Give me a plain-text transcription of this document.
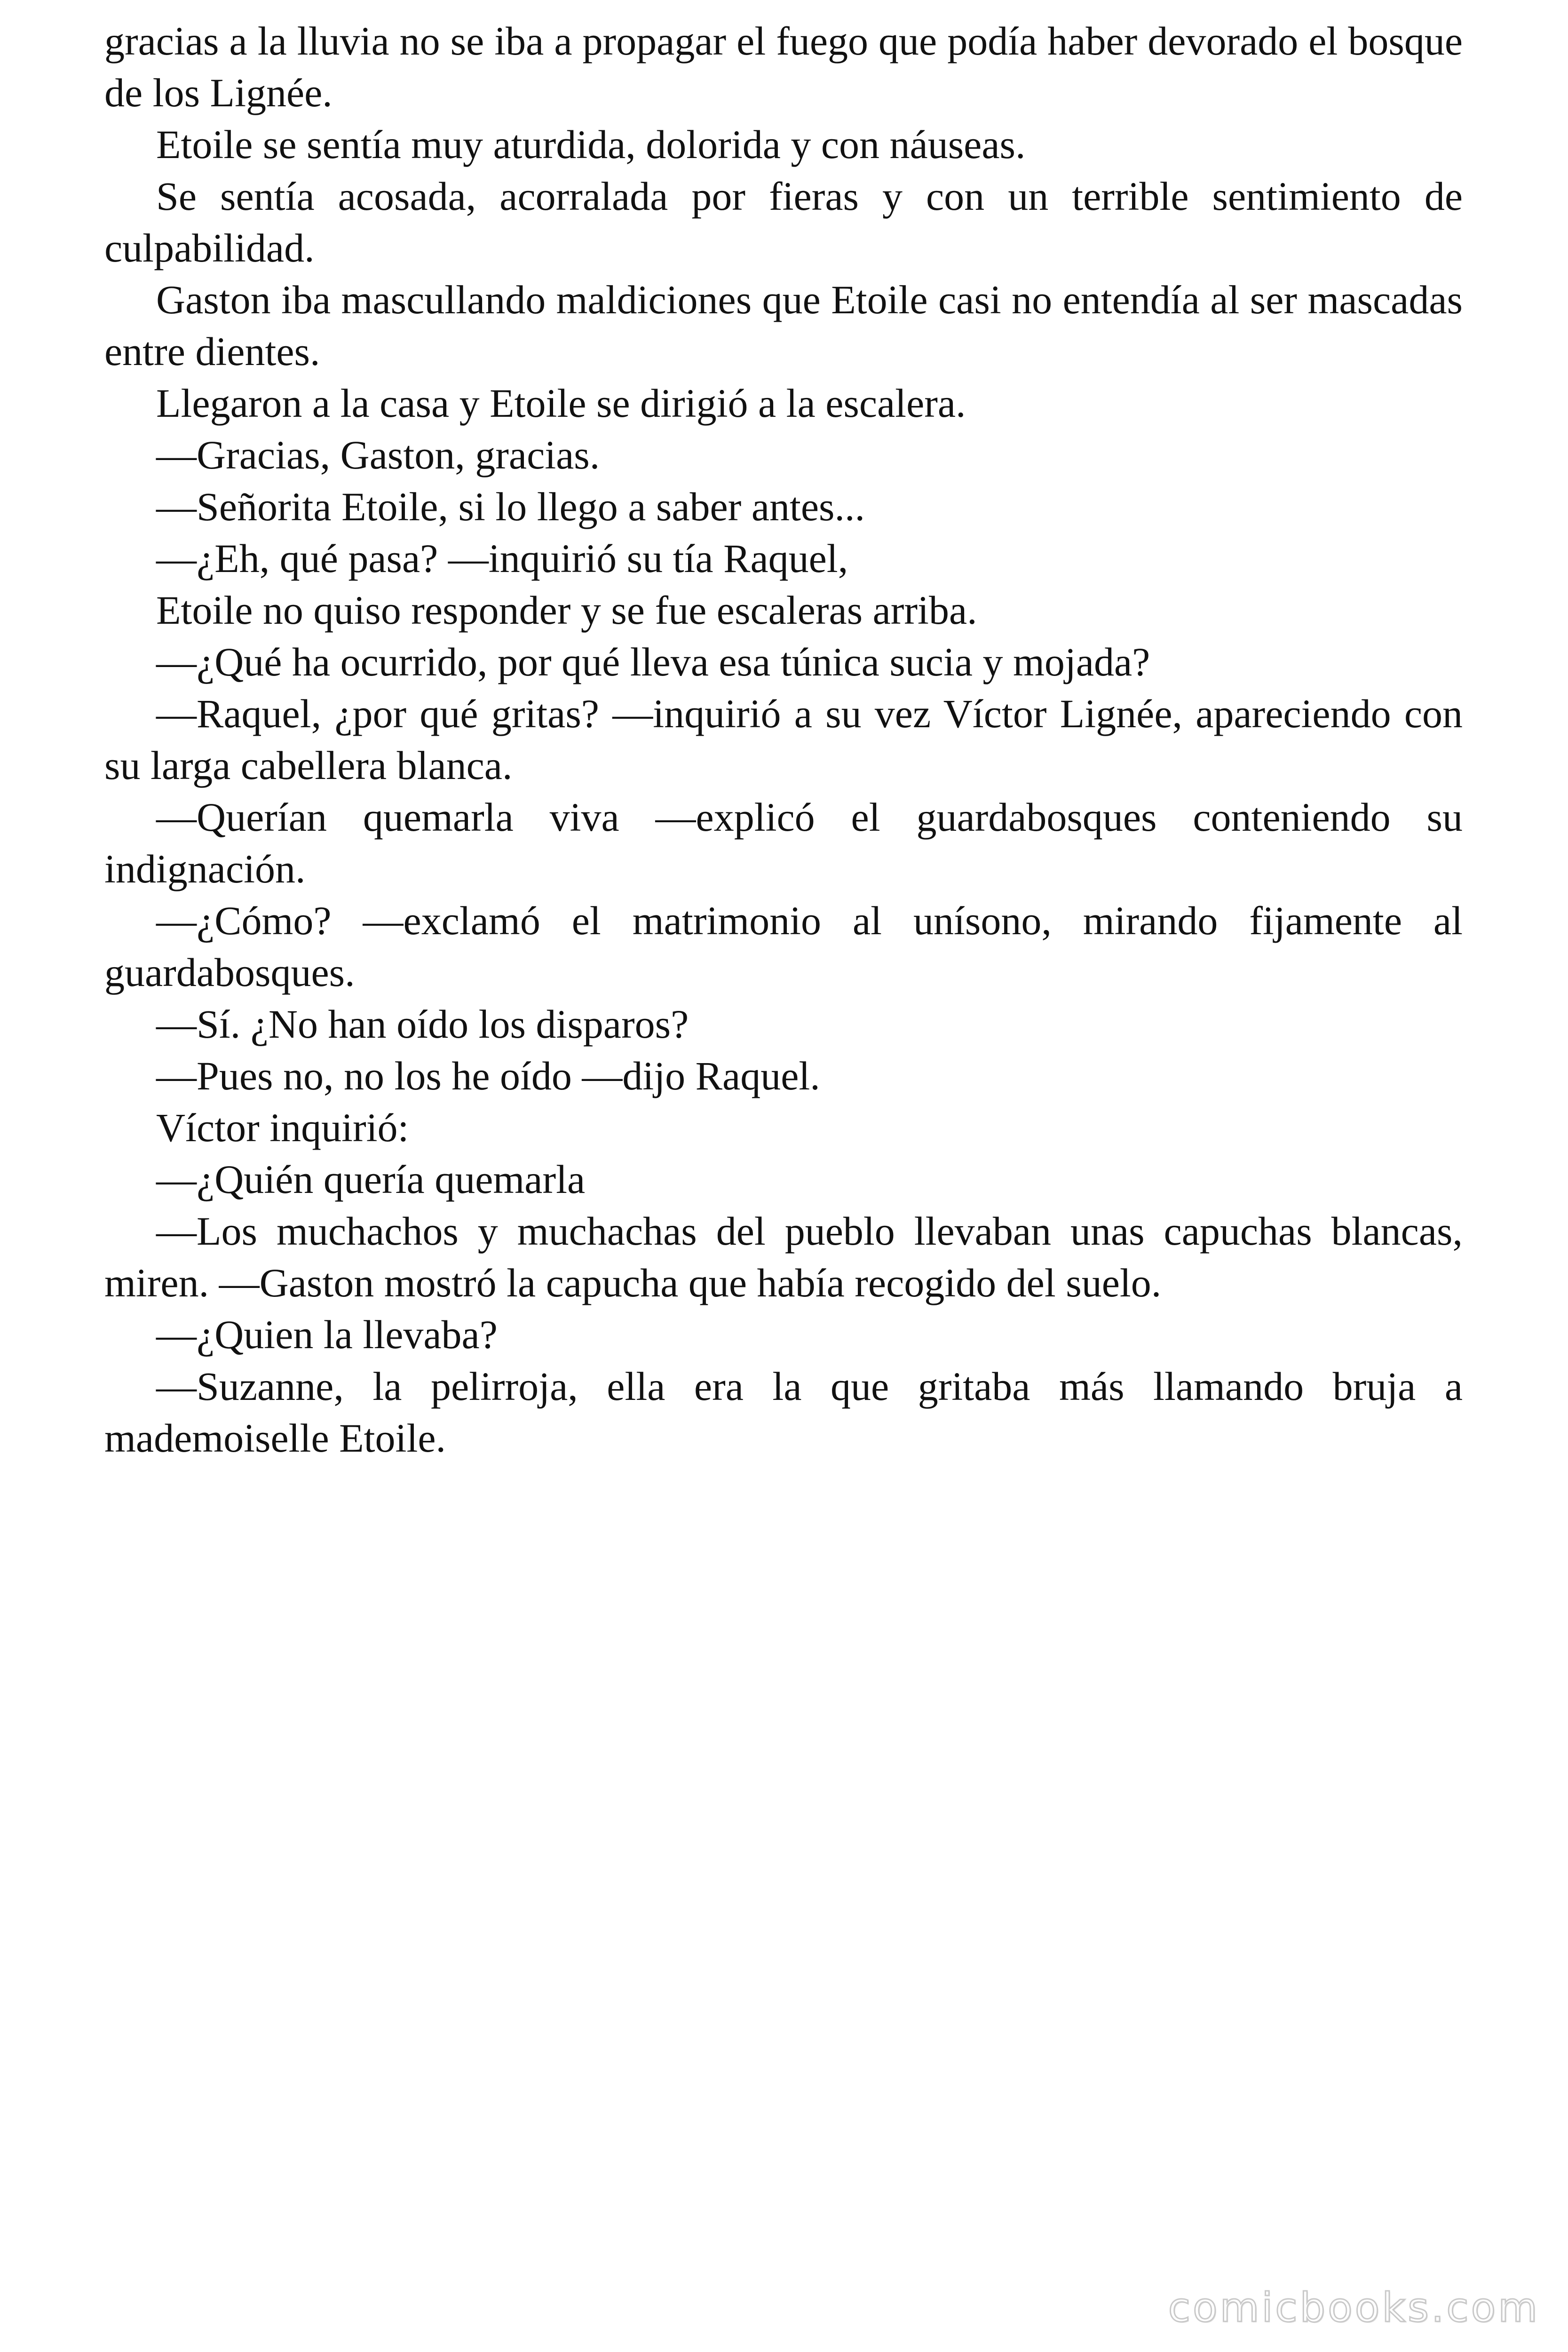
gracias a la lluvia no se iba a propagar el fuego que podía haber devorado el bosque de los Lignée.

Etoile se sentía muy aturdida, dolorida y con náuseas.

Se sentía acosada, acorralada por fieras y con un terrible sentimiento de culpabilidad.

Gaston iba mascullando maldiciones que Etoile casi no entendía al ser mascadas entre dientes.

Llegaron a la casa y Etoile se dirigió a la escalera.

—Gracias, Gaston, gracias.

—Señorita Etoile, si lo llego a saber antes...

—¿Eh, qué pasa? —inquirió su tía Raquel,

Etoile no quiso responder y se fue escaleras arriba.

—¿Qué ha ocurrido, por qué lleva esa túnica sucia y mojada?

—Raquel, ¿por qué gritas? —inquirió a su vez Víctor Lignée, apareciendo con su larga cabellera blanca.

—Querían quemarla viva —explicó el guardabosques conteniendo su indignación.

—¿Cómo? —exclamó el matrimonio al unísono, mirando fijamente al guardabosques.

—Sí. ¿No han oído los disparos?

—Pues no, no los he oído —dijo Raquel.

Víctor inquirió:

—¿Quién quería quemarla

—Los muchachos y muchachas del pueblo llevaban unas capuchas blancas, miren. —Gaston mostró la capucha que había recogido del suelo.

—¿Quien la llevaba?

—Suzanne, la pelirroja, ella era la que gritaba más llamando bruja a mademoiselle Etoile.

comicbooks.com
